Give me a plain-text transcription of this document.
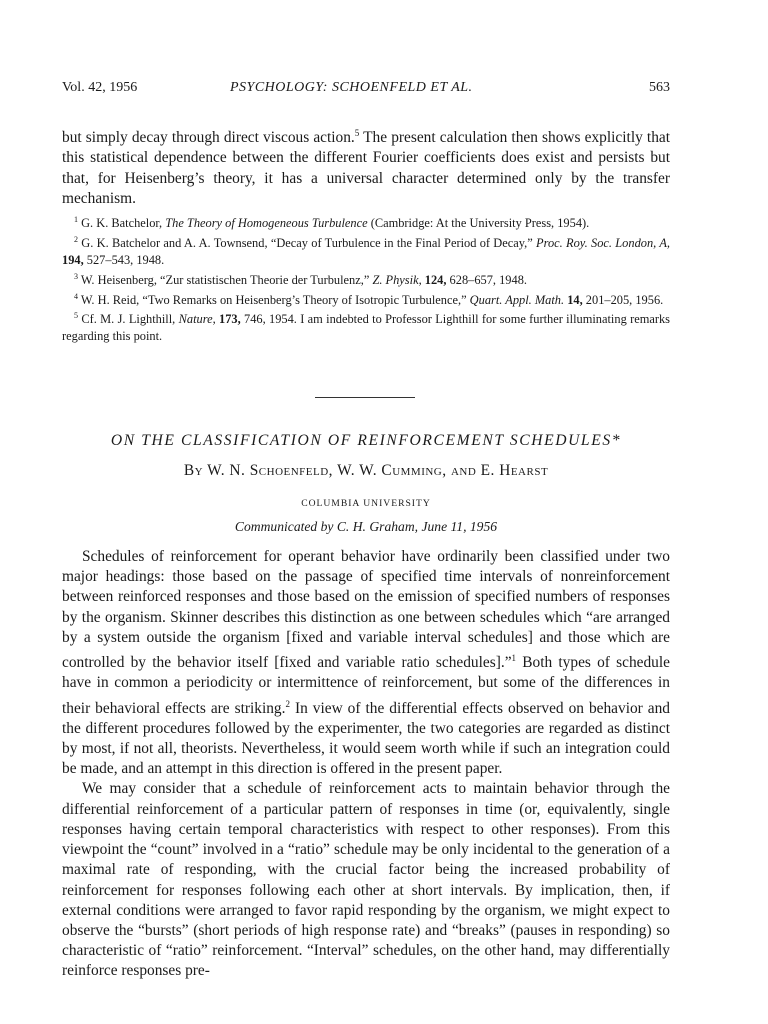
Vol. 42, 1956	PSYCHOLOGY: SCHOENFELD ET AL.	563

but simply decay through direct viscous action.$^5$ The present calculation then shows explicitly that this statistical dependence between the different Fourier coefficients does exist and persists but that, for Heisenberg’s theory, it has a universal character determined only by the transfer mechanism.

$^1$ G. K. Batchelor, The Theory of Homogeneous Turbulence (Cambridge: At the University Press, 1954).

$^2$ G. K. Batchelor and A. A. Townsend, “Decay of Turbulence in the Final Period of Decay,” Proc. Roy. Soc. London, A, 194, 527–543, 1948.

$^3$ W. Heisenberg, “Zur statistischen Theorie der Turbulenz,” Z. Physik, 124, 628–657, 1948.

$^4$ W. H. Reid, “Two Remarks on Heisenberg’s Theory of Isotropic Turbulence,” Quart. Appl. Math. 14, 201–205, 1956.

$^5$ Cf. M. J. Lighthill, Nature, 173, 746, 1954. I am indebted to Professor Lighthill for some further illuminating remarks regarding this point.

ON THE CLASSIFICATION OF REINFORCEMENT SCHEDULES*
By W. N. Schoenfeld, W. W. Cumming, and E. Hearst
COLUMBIA UNIVERSITY
Communicated by C. H. Graham, June 11, 1956

Schedules of reinforcement for operant behavior have ordinarily been classified under two major headings: those based on the passage of specified time intervals of nonreinforcement between reinforced responses and those based on the emission of specified numbers of responses by the organism. Skinner describes this distinction as one between schedules which “are arranged by a system outside the organism [fixed and variable interval schedules] and those which are controlled by the behavior itself [fixed and variable ratio schedules].”$^1$ Both types of schedule have in common a periodicity or intermittence of reinforcement, but some of the differences in their behavioral effects are striking.$^2$ In view of the differential effects observed on behavior and the different procedures followed by the experimenter, the two categories are regarded as distinct by most, if not all, theorists. Nevertheless, it would seem worth while if such an integration could be made, and an attempt in this direction is offered in the present paper.

We may consider that a schedule of reinforcement acts to maintain behavior through the differential reinforcement of a particular pattern of responses in time (or, equivalently, single responses having certain temporal characteristics with respect to other responses). From this viewpoint the “count” involved in a “ratio” schedule may be only incidental to the generation of a maximal rate of responding, with the crucial factor being the increased probability of reinforcement for responses following each other at short intervals. By implication, then, if external conditions were arranged to favor rapid responding by the organism, we might expect to observe the “bursts” (short periods of high response rate) and “breaks” (pauses in responding) so characteristic of “ratio” reinforcement. “Interval” schedules, on the other hand, may differentially reinforce responses pre-
